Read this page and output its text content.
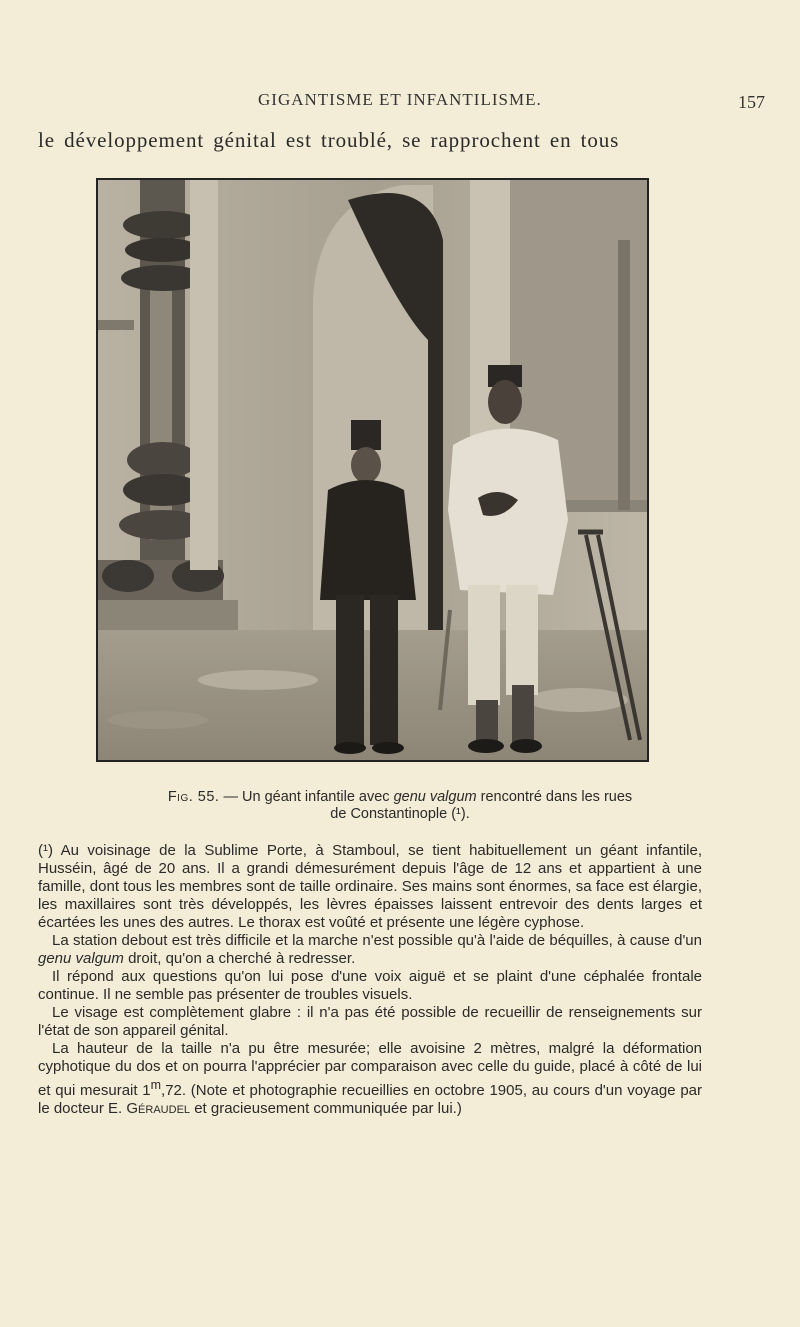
GIGANTISME ET INFANTILISME.	157
le développement génital est troublé, se rapprochent en tous
Fig. 55. — Un géant infantile avec genu valgum rencontré dans les rues
de Constantinople (¹).

(¹) Au voisinage de la Sublime Porte, à Stamboul, se tient habituellement un géant infantile, Husséin, âgé de 20 ans. Il a grandi démesurément depuis l'âge de 12 ans et appartient à une famille, dont tous les membres sont de taille ordinaire. Ses mains sont énormes, sa face est élargie, les maxillaires sont très développés, les lèvres épaisses laissent entrevoir des dents larges et écartées les unes des autres. Le thorax est voûté et présente une légère cyphose.

La station debout est très difficile et la marche n'est possible qu'à l'aide de béquilles, à cause d'un genu valgum droit, qu'on a cherché à redresser.

Il répond aux questions qu'on lui pose d'une voix aiguë et se plaint d'une céphalée frontale continue. Il ne semble pas présenter de troubles visuels.

Le visage est complètement glabre : il n'a pas été possible de recueillir de renseignements sur l'état de son appareil génital.

La hauteur de la taille n'a pu être mesurée; elle avoisine 2 mètres, malgré la déformation cyphotique du dos et on pourra l'apprécier par comparaison avec celle du guide, placé à côté de lui et qui mesurait 1$^m$,72. (Note et photographie recueillies en octobre 1905, au cours d'un voyage par le docteur E. Géraudel et gracieusement communiquée par lui.)
